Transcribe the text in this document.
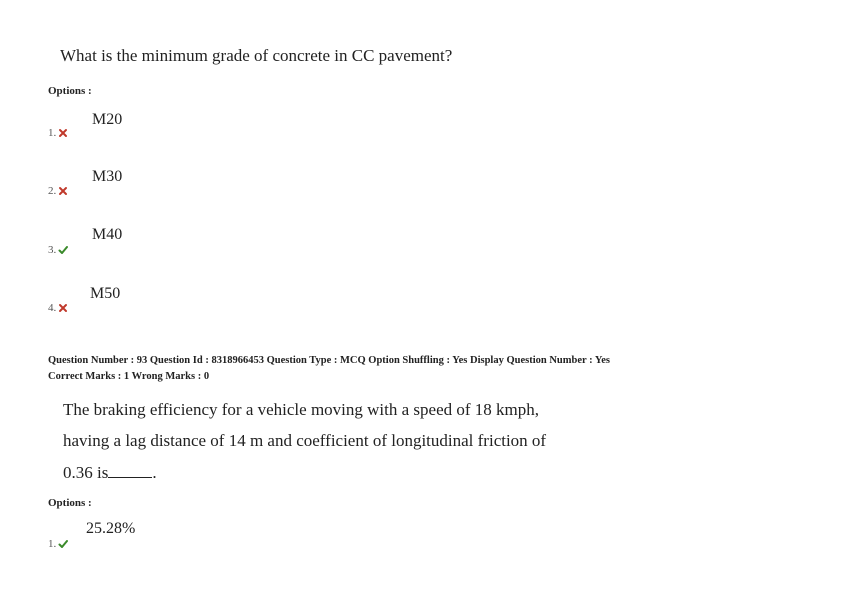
What is the minimum grade of concrete in CC pavement?
Options :
M20
1.
M30
2.
M40
3.
M50
4.
Question Number : 93 Question Id : 8318966453 Question Type : MCQ Option Shuffling : Yes Display Question Number : Yes
Correct Marks : 1 Wrong Marks : 0
The braking efficiency for a vehicle moving with a speed of 18 kmph,
having a lag distance of 14 m and coefficient of longitudinal friction of
0.36 is	.
Options :
25.28%
1.
